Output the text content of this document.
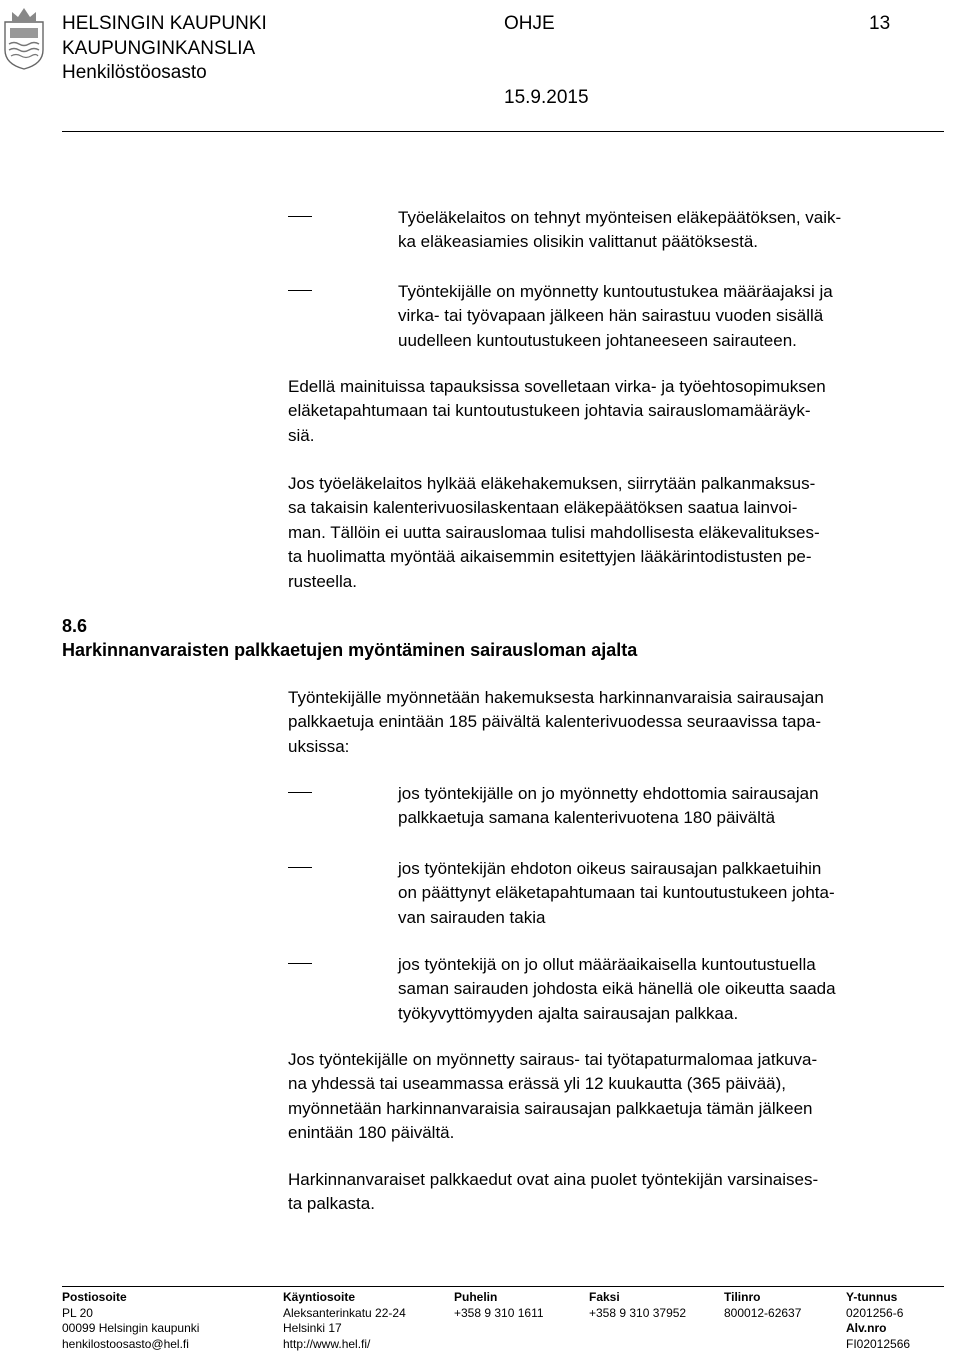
HELSINGIN KAUPUNKI
KAUPUNGINKANSLIA
Henkilöstöosasto
OHJE	13
15.9.2015

Työeläkelaitos on tehnyt myönteisen eläkepäätöksen, vaik-

ka eläkeasiamies olisikin valittanut päätöksestä.

Työntekijälle on myönnetty kuntoutustukea määräajaksi ja

virka- tai työvapaan jälkeen hän sairastuu vuoden sisällä

uudelleen kuntoutustukeen johtaneeseen sairauteen.

Edellä mainituissa tapauksissa sovelletaan virka- ja työehtosopimuksen

eläketapahtumaan tai kuntoutustukeen johtavia sairauslomamääräyk-

siä.

Jos työeläkelaitos hylkää eläkehakemuksen, siirrytään palkanmaksus-

sa takaisin kalenterivuosilaskentaan eläkepäätöksen saatua lainvoi-

man. Tällöin ei uutta sairauslomaa tulisi mahdollisesta eläkevalitukses-

ta huolimatta myöntää aikaisemmin esitettyjen lääkärintodistusten pe-

rusteella.

8.6
Harkinnanvaraisten palkkaetujen myöntäminen sairausloman ajalta

Työntekijälle myönnetään hakemuksesta harkinnanvaraisia sairausajan

palkkaetuja enintään 185 päivältä kalenterivuodessa seuraavissa tapa-

uksissa:

jos työntekijälle on jo myönnetty ehdottomia sairausajan

palkkaetuja samana kalenterivuotena 180 päivältä

jos työntekijän ehdoton oikeus sairausajan palkkaetuihin

on päättynyt eläketapahtumaan tai kuntoutustukeen johta-

van sairauden takia

jos työntekijä on jo ollut määräaikaisella kuntoutustuella

saman sairauden johdosta eikä hänellä ole oikeutta saada

työkyvyttömyyden ajalta sairausajan palkkaa.

Jos työntekijälle on myönnetty sairaus- tai työtapaturmalomaa jatkuva-

na yhdessä tai useammassa erässä yli 12 kuukautta (365 päivää),

myönnetään harkinnanvaraisia sairausajan palkkaetuja tämän jälkeen

enintään 180 päivältä.

Harkinnanvaraiset palkkaedut ovat aina puolet työntekijän varsinaises-

ta palkasta.

Postiosoite

PL 20

00099 Helsingin kaupunki

henkilostoosasto@hel.fi

Käyntiosoite

Aleksanterinkatu 22-24

Helsinki 17

http://www.hel.fi/

Puhelin

+358 9 310 1611

Faksi

+358 9 310 37952

Tilinro

800012-62637

Y-tunnus

0201256-6

Alv.nro

FI02012566
